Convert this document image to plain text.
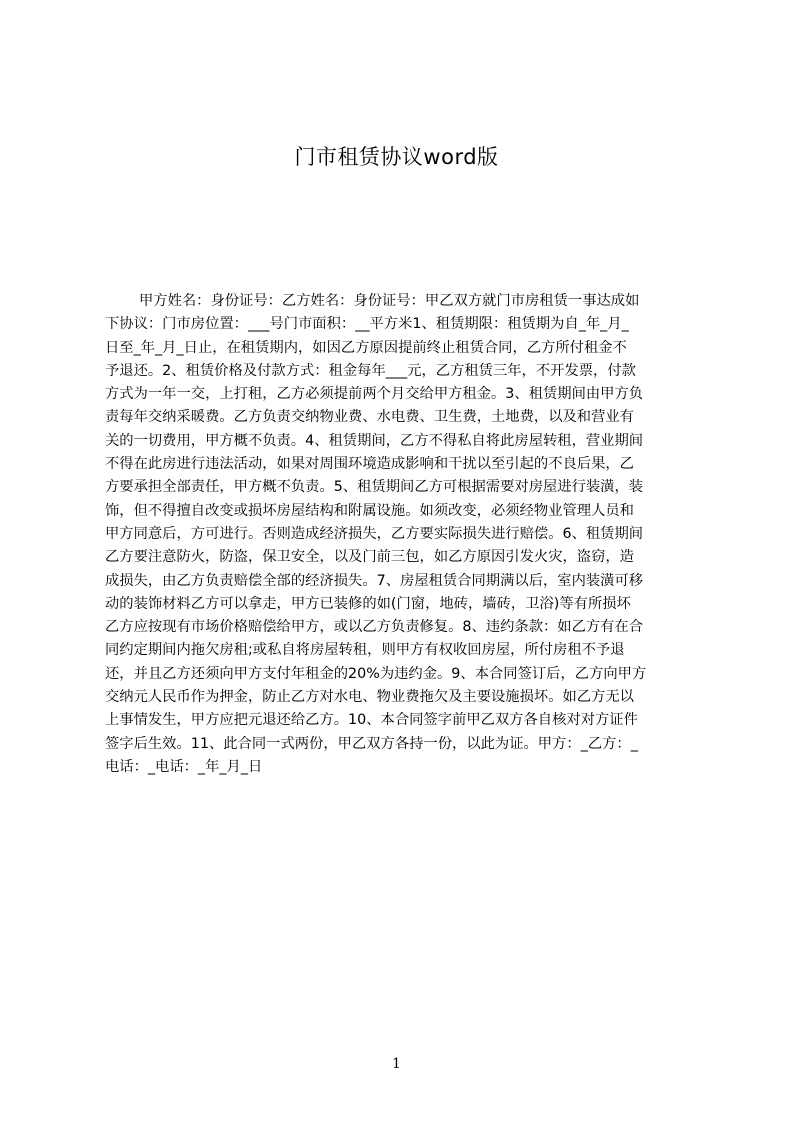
门市租赁协议word版
甲方姓名：身份证号：乙方姓名：身份证号：甲乙双方就门市房租赁一事达成如
下协议：门市房位置：___号门市面积：__平方米1、租赁期限：租赁期为自_年_月_
日至_年_月_日止，在租赁期内，如因乙方原因提前终止租赁合同，乙方所付租金不
予退还。2、租赁价格及付款方式：租金每年___元，乙方租赁三年，不开发票，付款
方式为一年一交，上打租，乙方必须提前两个月交给甲方租金。3、租赁期间由甲方负
责每年交纳采暖费。乙方负责交纳物业费、水电费、卫生费，土地费，以及和营业有
关的一切费用，甲方概不负责。4、租赁期间，乙方不得私自将此房屋转租，营业期间
不得在此房进行违法活动，如果对周围环境造成影响和干扰以至引起的不良后果，乙
方要承担全部责任，甲方概不负责。5、租赁期间乙方可根据需要对房屋进行装潢，装
饰，但不得擅自改变或损坏房屋结构和附属设施。如须改变，必须经物业管理人员和
甲方同意后，方可进行。否则造成经济损失，乙方要实际损失进行赔偿。6、租赁期间
乙方要注意防火，防盗，保卫安全，以及门前三包，如乙方原因引发火灾，盗窃，造
成损失，由乙方负责赔偿全部的经济损失。7、房屋租赁合同期满以后，室内装潢可移
动的装饰材料乙方可以拿走，甲方已装修的如(门窗，地砖，墙砖，卫浴)等有所损坏
乙方应按现有市场价格赔偿给甲方，或以乙方负责修复。8、违约条款：如乙方有在合
同约定期间内拖欠房租;或私自将房屋转租，则甲方有权收回房屋，所付房租不予退
还，并且乙方还须向甲方支付年租金的20%为违约金。9、本合同签订后，乙方向甲方
交纳元人民币作为押金，防止乙方对水电、物业费拖欠及主要设施损坏。如乙方无以
上事情发生，甲方应把元退还给乙方。10、本合同签字前甲乙双方各自核对对方证件
签字后生效。11、此合同一式两份，甲乙双方各持一份，以此为证。甲方：_乙方：_
电话：_电话：_年_月_日
1
